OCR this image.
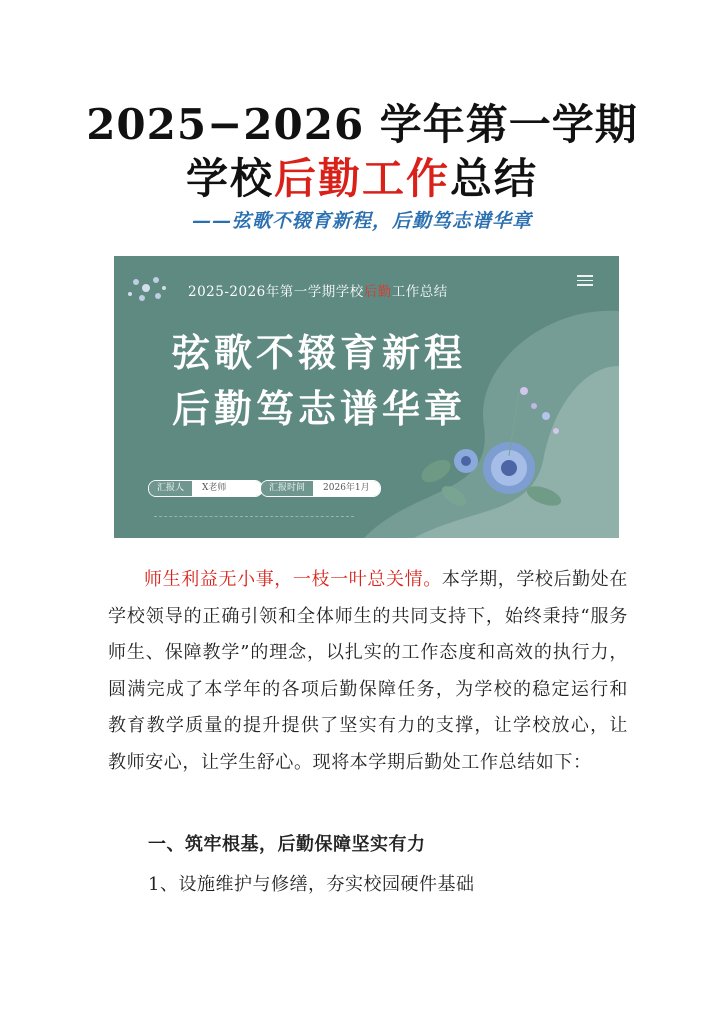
2025−2026 学年第一学期
学校后勤工作总结
——弦歌不辍育新程，后勤笃志谱华章
2025-2026年第一学期学校后勤工作总结
弦歌不辍育新程
后勤笃志谱华章
汇报人	X老师	汇报时间	2026年1月
师生利益无小事，一枝一叶总关情。本学期，学校后勤处在学校领导的正确引领和全体师生的共同支持下，始终秉持“服务师生、保障教学”的理念，以扎实的工作态度和高效的执行力，圆满完成了本学年的各项后勤保障任务，为学校的稳定运行和教育教学质量的提升提供了坚实有力的支撑，让学校放心，让教师安心，让学生舒心。现将本学期后勤处工作总结如下：
一、筑牢根基，后勤保障坚实有力
1、设施维护与修缮，夯实校园硬件基础
